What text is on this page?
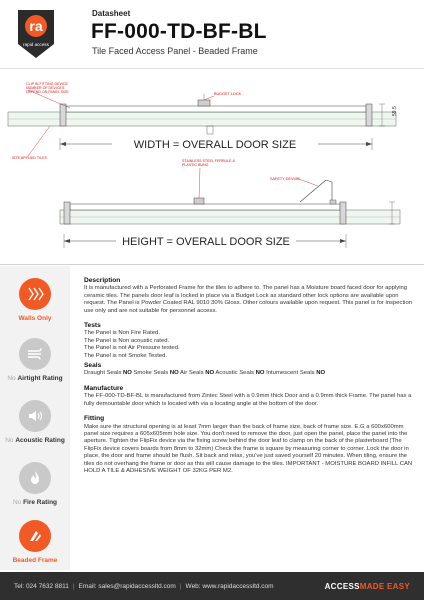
ra
rapid access
Datasheet
FF-000-TD-BF-BL
Tile Faced Access Panel - Beaded Frame
59.5
CLIP IN FITTING DEVICE
NUMBER OF DEVICES
DEPEND ON PANEL SIZE	BUDGET LOCK
SITE APPLIED TILES
WIDTH = OVERALL DOOR SIZE
STAINLESS STEEL FERRULE &
PLASTIC BUNG
SAFETY DEVICE
HEIGHT = OVERALL DOOR SIZE
Walls Only
No Airtight Rating
No Acoustic Rating
No Fire Rating
Beaded Frame
Description

It is manufactured with a Perforated Frame for the tiles to adhere to. The panel has a Moisture board faced door for applying ceramic tiles. The panels door leaf is locked in place via a Budget Lock as standard other lock options are available upon request. The Panel is Powder Coated RAL 9010 30% Gloss. Other colours available upon request. This panel is for inspection use only and are not suitable for personnel access.

Tests

The Panel is Non Fire Rated.

The Panel is Non acoustic rated.

The Panel is not Air Pressure tested.

The Panel is not Smoke Tested.

Seals

Draught Seals NO Smoke Seals NO Air Seals NO Acoustic Seals NO Intumescent Seals NO

Manufacture

The FF-000-TD-BF-BL is manufactured from Zintec Steel with a 0.9mm thick Door and a 0.9mm thick Frame. The panel has a fully demountable door which is located with via a locating angle at the bottom of the door.

Fitting

Make sure the structural opening is at least 7mm larger than the back of frame size, back of frame size. E.G a 600x600mm panel size requires a 605x605mm hole size. You don't need to remove the door, just open the panel, place the panel into the aperture. Tighten the FlipFix device via the fixing screw behind the door leaf to clamp on the back of the plasterboard (The FlipFix device covers boards from 8mm to 32mm) Check the frame is square by measuring corner to corner. Lock the door in place, the door and frame should be flush. Sit back and relax, you've just saved yourself 20 minutes. When tiling, ensure the tiles do not overhang the frame or door as this will cause damage to the tiles. IMPORTANT - MOISTURE BOARD INFILL CAN HOLD A TILE & ADHESIVE WEIGHT OF 32KG PER M2.

Tel:
024 7632 8811 | Email:
sales@rapidaccessltd.com | Web:
www.rapidaccessltd.com	ACCESSMADE EASY
